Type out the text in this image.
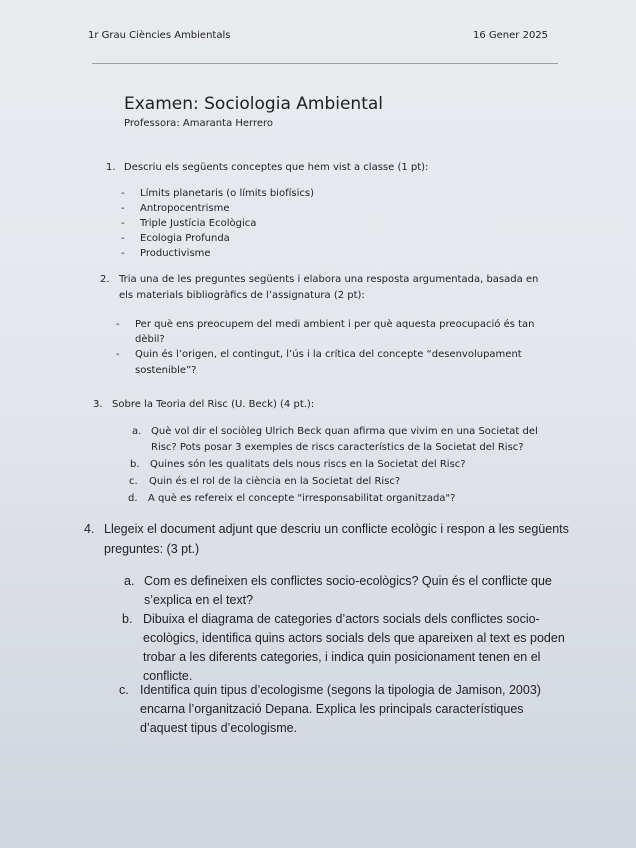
1r Grau Ciències Ambientals	16 Gener 2025
Examen: Sociologia Ambiental
Professora: Amaranta Herrero
1. Descriu els següents conceptes que hem vist a classe (1 pt):
- Límits planetaris (o límits biofísics)
- Antropocentrisme
- Triple Justícia Ecològica
- Ecologia Profunda
- Productivisme
2. Tria una de les preguntes següents i elabora una resposta argumentada, basada en
els materials bibliogràfics de l’assignatura (2 pt):
- Per què ens preocupem del medi ambient i per què aquesta preocupació és tan
dèbil?
- Quin és l’origen, el contingut, l’ús i la crítica del concepte “desenvolupament
sostenible”?
3. Sobre la Teoria del Risc (U. Beck) (4 pt.):
a. Què vol dir el sociòleg Ulrich Beck quan afirma que vivim en una Societat del
Risc? Pots posar 3 exemples de riscs característics de la Societat del Risc?
b. Quines són les qualitats dels nous riscs en la Societat del Risc?
c. Quin és el rol de la ciència en la Societat del Risc?
d. A què es refereix el concepte "irresponsabilitat organitzada"?
4. Llegeix el document adjunt que descriu un conflicte ecològic i respon a les següents
preguntes: (3 pt.)
a. Com es defineixen els conflictes socio-ecològics? Quin és el conflicte que
s’explica en el text?
b. Dibuixa el diagrama de categories d’actors socials dels conflictes socio-
ecològics, identifica quins actors socials dels que apareixen al text es poden
trobar a les diferents categories, i indica quin posicionament tenen en el
conflicte.
c. Identifica quin tipus d’ecologisme (segons la tipologia de Jamison, 2003)
encarna l’organització Depana. Explica les principals característiques
d’aquest tipus d’ecologisme.
